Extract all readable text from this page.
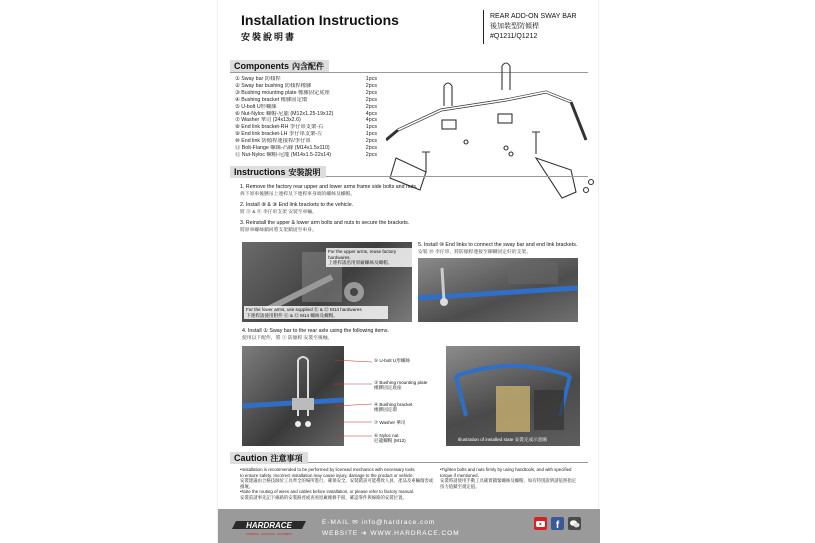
Installation Instructions
安裝說明書
REAR ADD-ON SWAY BAR
後加裝型防傾桿
#Q1211/Q1212
Components 內含配件
① Sway bar 防傾桿	1pcs
② Sway bar bushing 防傾桿橡膠	2pcs
③ Bushing mounting plate 橡膠固定底座	2pcs
④ Bushing bracket 橡膠固定環	2pcs
⑤ U-bolt U形螺絲	2pcs
⑥ Nut-Nyloc 螺帽-尼龍 (M12x1.25-19x12)	4pcs
⑦ Washer 華司 (24x13x2.6)	4pcs
⑧ End link bracket-RH 李仔串支架-右	1pcs
⑨ End link bracket-LH 李仔串支架-左	1pcs
⑩ End link 防傾桿連接桿/李仔串	2pcs
⑪ Bolt-Flange 螺絲-凸緣 (M14x1.5x110)	2pcs
⑫ Nut-Nyloc 螺帽-尼龍 (M14x1.5-22x14)	2pcs
Instructions 安裝說明
1. Remove the factory rear upper and lower arms frame side bolts and nuts.
拆下原車後懸吊上連桿及下連桿車身端的螺絲及螺帽。
2. Install ⑧ & ⑨ End link brackets to the vehicle.
將 ⑧ & ⑨ 李仔串支架 安裝至車輛。
3. Reinstall the upper & lower arm bolts and nuts to secure the brackets.
將原車螺絲鎖回將支架鎖固至車身。
For the upper arms, reuse factory hardwares.
上連桿請沿用原廠螺絲及螺帽。
For the lower arms, use supplied ⑪ & ⑫ M14 hardwares
下連桿請使用附件 ⑪ & ⑫ M14 螺絲及螺帽。
5. Install ⑩ End links to connect the sway bar and end link brackets.
安裝 ⑩ 李仔串，將防傾桿連接至剛剛固定好的支架。
4. Install ① Sway bar to the rear axle using the following items.
使用以下配件，將 ① 防傾桿 安裝至後軸。
⑤ U-bolt U形螺絲
③ Bushing mounting plate
橡膠固定底座
④ Bushing bracket
橡膠固定環
⑦ Washer 華司
⑥ Nyloc nut
尼龍螺帽 (M12)	Illustration of installed state 安裝完成示意圖
Caution 注意事項
•Installation is recommended to be performed by licensed mechanics with necessary tools
to ensure safety. Incorrect installation may cause injury, damage to the product or vehicle.
安裝建議由合格技師於工具齊全的場所進行，確保安全。安裝錯誤可能導致人員、產品及車輛傷害或損壞。
•Note the routing of wires and cables before installation, or please refer to factory manual.
安裝前請事先記下線路的安裝路徑或查看原廠維修手冊，確認零件與線路的安裝位置。
•Tighten bolts and nuts firmly by using handtools, and with specified
torque if mentioned.
安裝時請使用手動工具確實鎖緊螺絲及螺帽，如有特別說明請依照指定
扭力值鎖至規定值。
HARDRACE
STEERING · HANDLING · ALIGNMENT
E-MAIL ✉ info@hardrace.com
WEBSITE ➜ WWW.HARDRACE.COM
f
